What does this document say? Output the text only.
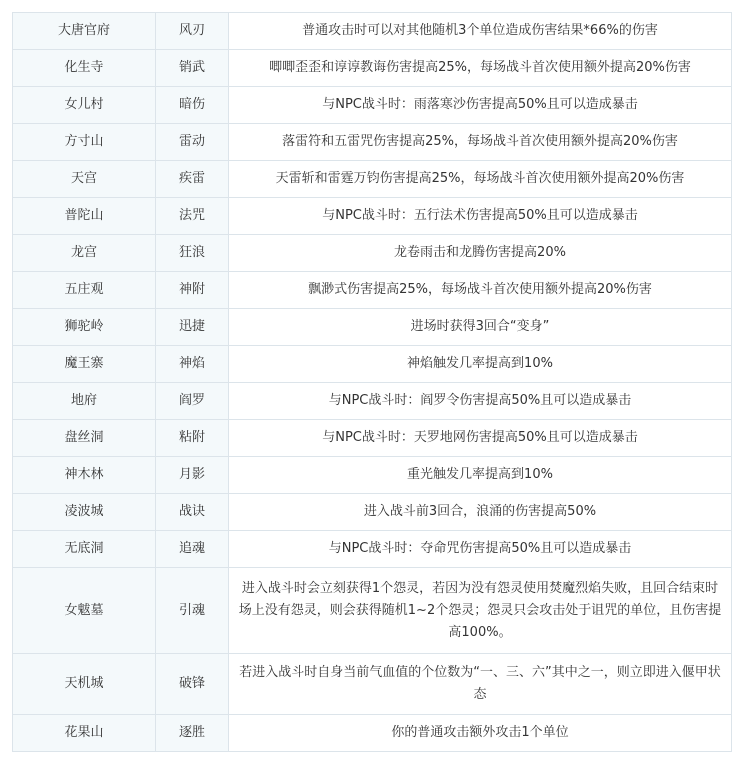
大唐官府	风刃	普通攻击时可以对其他随机3个单位造成伤害结果*66%的伤害
化生寺	销武	唧唧歪歪和谆谆教诲伤害提高25%，每场战斗首次使用额外提高20%伤害
女儿村	暗伤	与NPC战斗时：雨落寒沙伤害提高50%且可以造成暴击
方寸山	雷动	落雷符和五雷咒伤害提高25%，每场战斗首次使用额外提高20%伤害
天宫	疾雷	天雷斩和雷霆万钧伤害提高25%，每场战斗首次使用额外提高20%伤害
普陀山	法咒	与NPC战斗时：五行法术伤害提高50%且可以造成暴击
龙宫	狂浪	龙卷雨击和龙腾伤害提高20%
五庄观	神附	飘渺式伤害提高25%，每场战斗首次使用额外提高20%伤害
狮驼岭	迅捷	进场时获得3回合“变身”
魔王寨	神焰	神焰触发几率提高到10%
地府	阎罗	与NPC战斗时：阎罗令伤害提高50%且可以造成暴击
盘丝洞	粘附	与NPC战斗时：天罗地网伤害提高50%且可以造成暴击
神木林	月影	重光触发几率提高到10%
凌波城	战诀	进入战斗前3回合，浪涌的伤害提高50%
无底洞	追魂	与NPC战斗时：夺命咒伤害提高50%且可以造成暴击
女魃墓	引魂	进入战斗时会立刻获得1个怨灵，若因为没有怨灵使用焚魔烈焰失败，且回合结束时场上没有怨灵，则会获得随机1~2个怨灵；怨灵只会攻击处于诅咒的单位，且伤害提高100%。
天机城	破锋	若进入战斗时自身当前气血值的个位数为“一、三、六”其中之一，则立即进入偃甲状态
花果山	逐胜	你的普通攻击额外攻击1个单位
